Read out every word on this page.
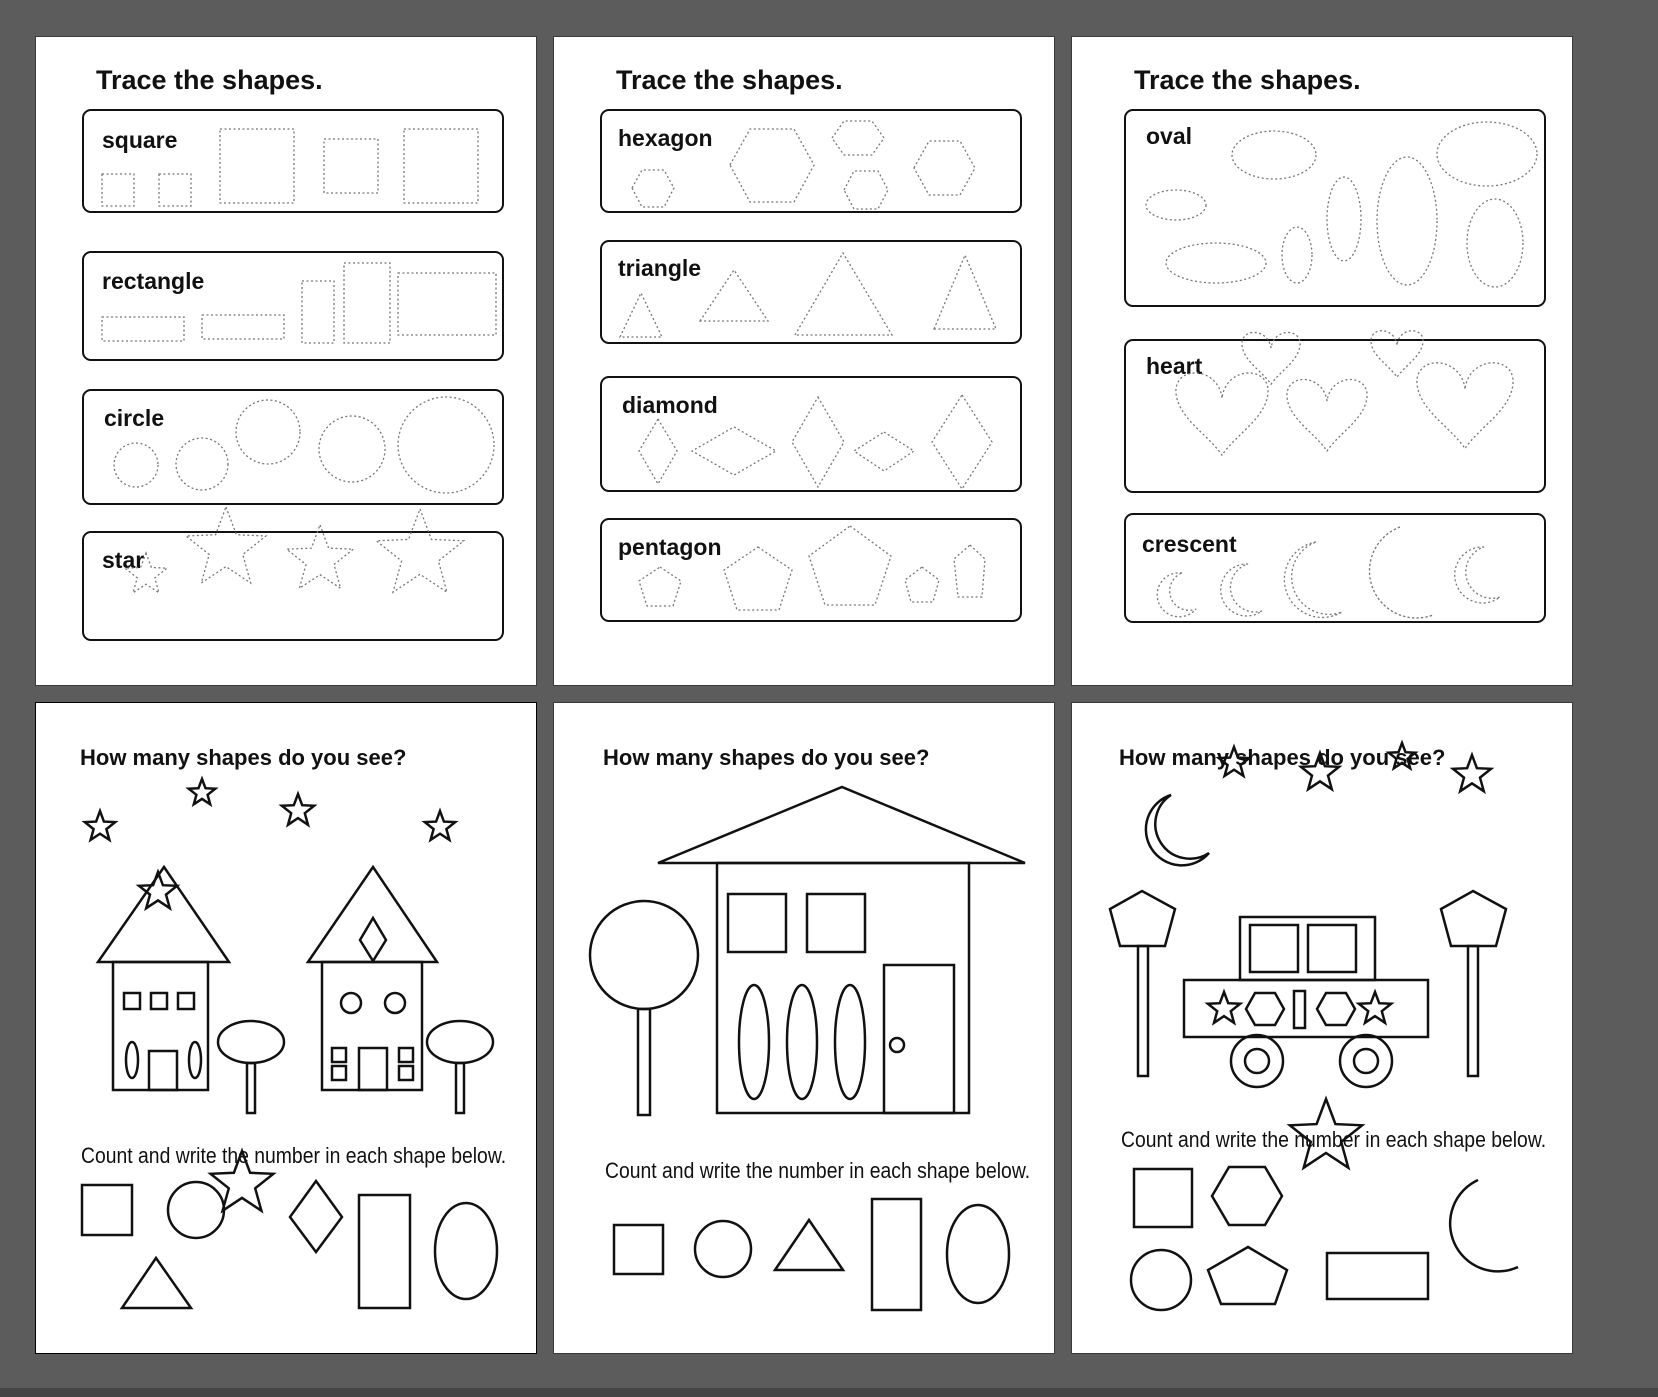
Trace the shapes.
square
rectangle
circle
star
Trace the shapes.
hexagon
triangle
diamond
pentagon
Trace the shapes.
oval
heart
crescent
How many shapes do you see?
Count and write the number in each shape below.
How many shapes do you see?
Count and write the number in each shape below.
How many shapes do you see?
Count and write the number in each shape below.
